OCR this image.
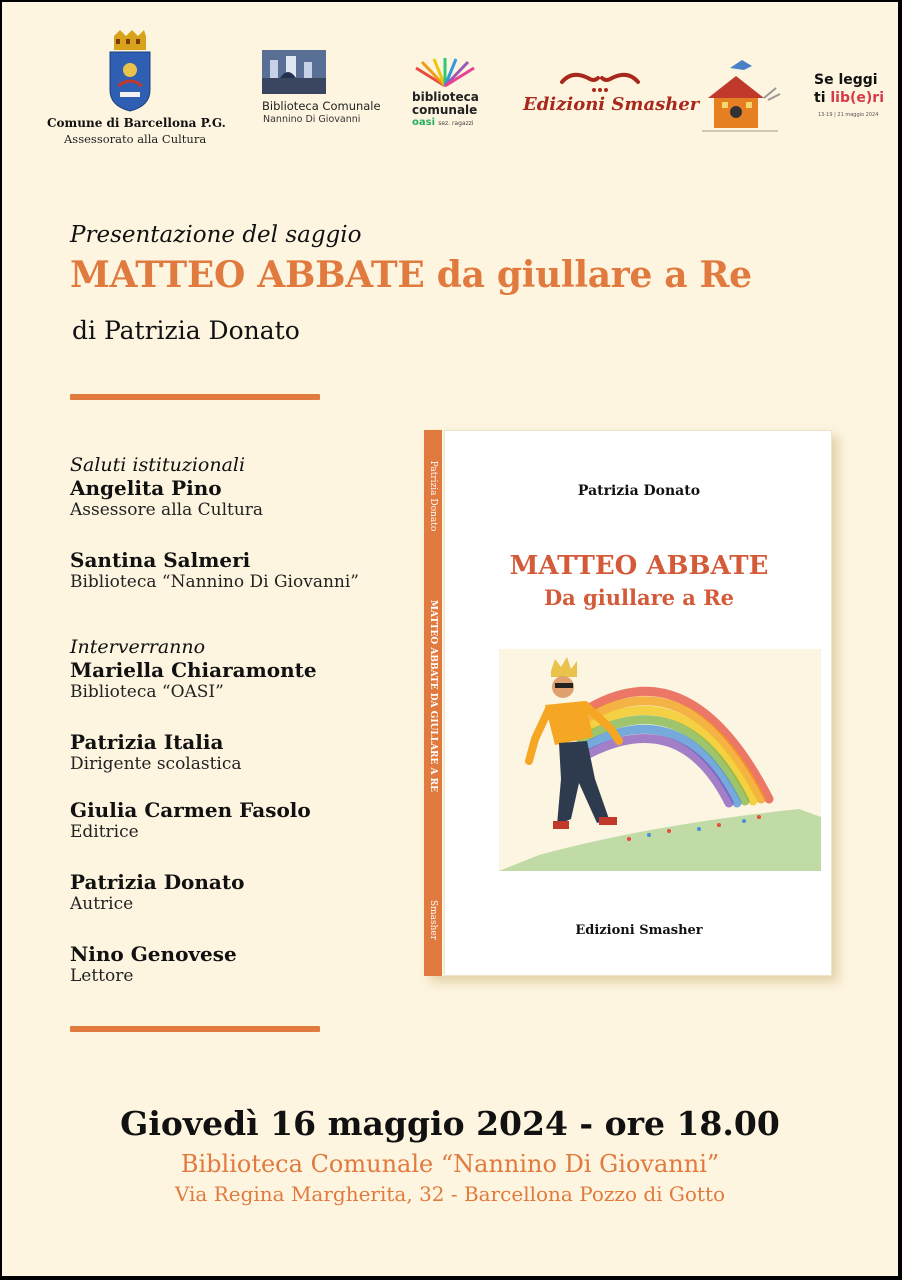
Comune di Barcellona P.G.
Assessorato alla Cultura
Biblioteca Comunale
Nannino Di Giovanni
biblioteca
comunale
oasi sez. ragazzi
Edizioni Smasher
Se leggi
ti lib(e)ri
13-19 | 21 maggio 2024
Presentazione del saggio
MATTEO ABBATE da giullare a Re
di Patrizia Donato
Saluti istituzionali
Angelita Pino
Assessore alla Cultura
Santina Salmeri
Biblioteca “Nannino Di Giovanni”
Interverranno
Mariella Chiaramonte
Biblioteca “OASI”
Patrizia Italia
Dirigente scolastica
Giulia Carmen Fasolo
Editrice
Patrizia Donato
Autrice
Nino Genovese
Lettore
Patrizia Donato
MATTEO ABBATE DA GIULLARE A RE
Smasher
Patrizia Donato
MATTEO ABBATE
Da giullare a Re
Edizioni Smasher
Giovedì 16 maggio 2024 - ore 18.00
Biblioteca Comunale “Nannino Di Giovanni”
Via Regina Margherita, 32 - Barcellona Pozzo di Gotto
